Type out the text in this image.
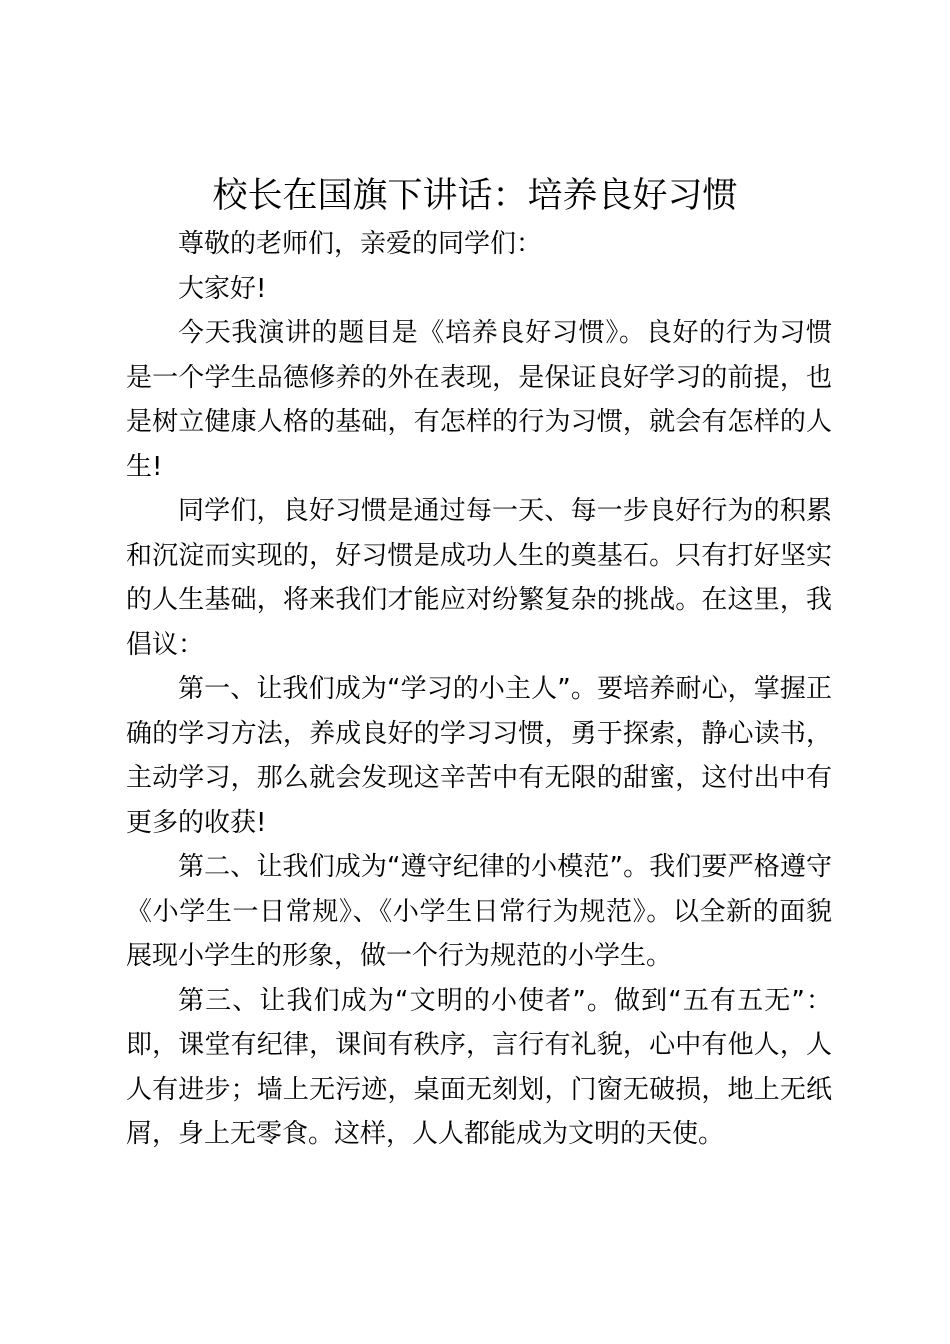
校长在国旗下讲话：培养良好习惯

尊敬的老师们，亲爱的同学们：

大家好!

今天我演讲的题目是《培养良好习惯》。良好的行为习惯是一个学生品德修养的外在表现，是保证良好学习的前提，也是树立健康人格的基础，有怎样的行为习惯，就会有怎样的人生!

同学们，良好习惯是通过每一天、每一步良好行为的积累和沉淀而实现的，好习惯是成功人生的奠基石。只有打好坚实的人生基础，将来我们才能应对纷繁复杂的挑战。在这里，我倡议：

第一、让我们成为“学习的小主人”。要培养耐心，掌握正确的学习方法，养成良好的学习习惯，勇于探索，静心读书，主动学习，那么就会发现这辛苦中有无限的甜蜜，这付出中有更多的收获!

第二、让我们成为“遵守纪律的小模范”。我们要严格遵守《小学生一日常规》、《小学生日常行为规范》。以全新的面貌展现小学生的形象，做一个行为规范的小学生。

第三、让我们成为“文明的小使者”。做到“五有五无”：即，课堂有纪律，课间有秩序，言行有礼貌，心中有他人，人人有进步；墙上无污迹，桌面无刻划，门窗无破损，地上无纸屑，身上无零食。这样，人人都能成为文明的天使。
